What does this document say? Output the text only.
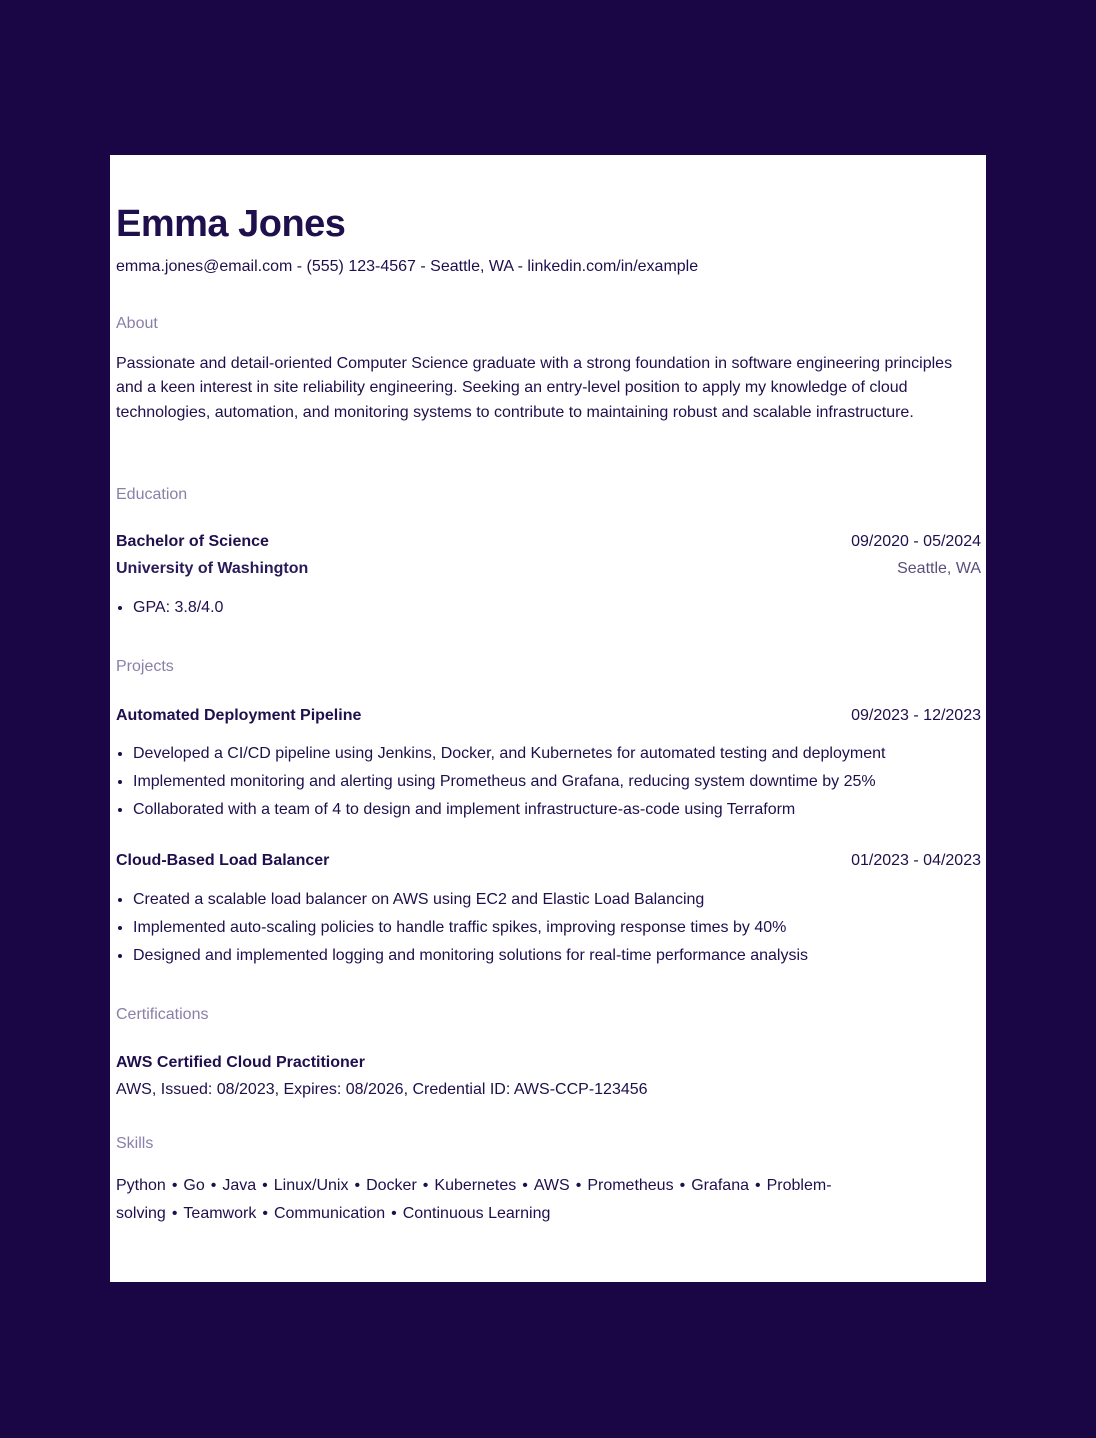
Emma Jones
emma.jones@email.com - (555) 123-4567 - Seattle, WA - linkedin.com/in/example
About
Passionate and detail-oriented Computer Science graduate with a strong foundation in software engineering principles and a keen interest in site reliability engineering. Seeking an entry-level position to apply my knowledge of cloud technologies, automation, and monitoring systems to contribute to maintaining robust and scalable infrastructure.
Education
Bachelor of Science	09/2020 - 05/2024
University of Washington	Seattle, WA
• GPA: 3.8/4.0
Projects
Automated Deployment Pipeline	09/2023 - 12/2023
• Developed a CI/CD pipeline using Jenkins, Docker, and Kubernetes for automated testing and deployment
• Implemented monitoring and alerting using Prometheus and Grafana, reducing system downtime by 25%
• Collaborated with a team of 4 to design and implement infrastructure-as-code using Terraform
Cloud-Based Load Balancer	01/2023 - 04/2023
• Created a scalable load balancer on AWS using EC2 and Elastic Load Balancing
• Implemented auto-scaling policies to handle traffic spikes, improving response times by 40%
• Designed and implemented logging and monitoring solutions for real-time performance analysis
Certifications
AWS Certified Cloud Practitioner
AWS, Issued: 08/2023, Expires: 08/2026, Credential ID: AWS-CCP-123456
Skills
Python • Go • Java • Linux/Unix • Docker • Kubernetes • AWS • Prometheus • Grafana • Problem-solving • Teamwork • Communication • Continuous Learning
